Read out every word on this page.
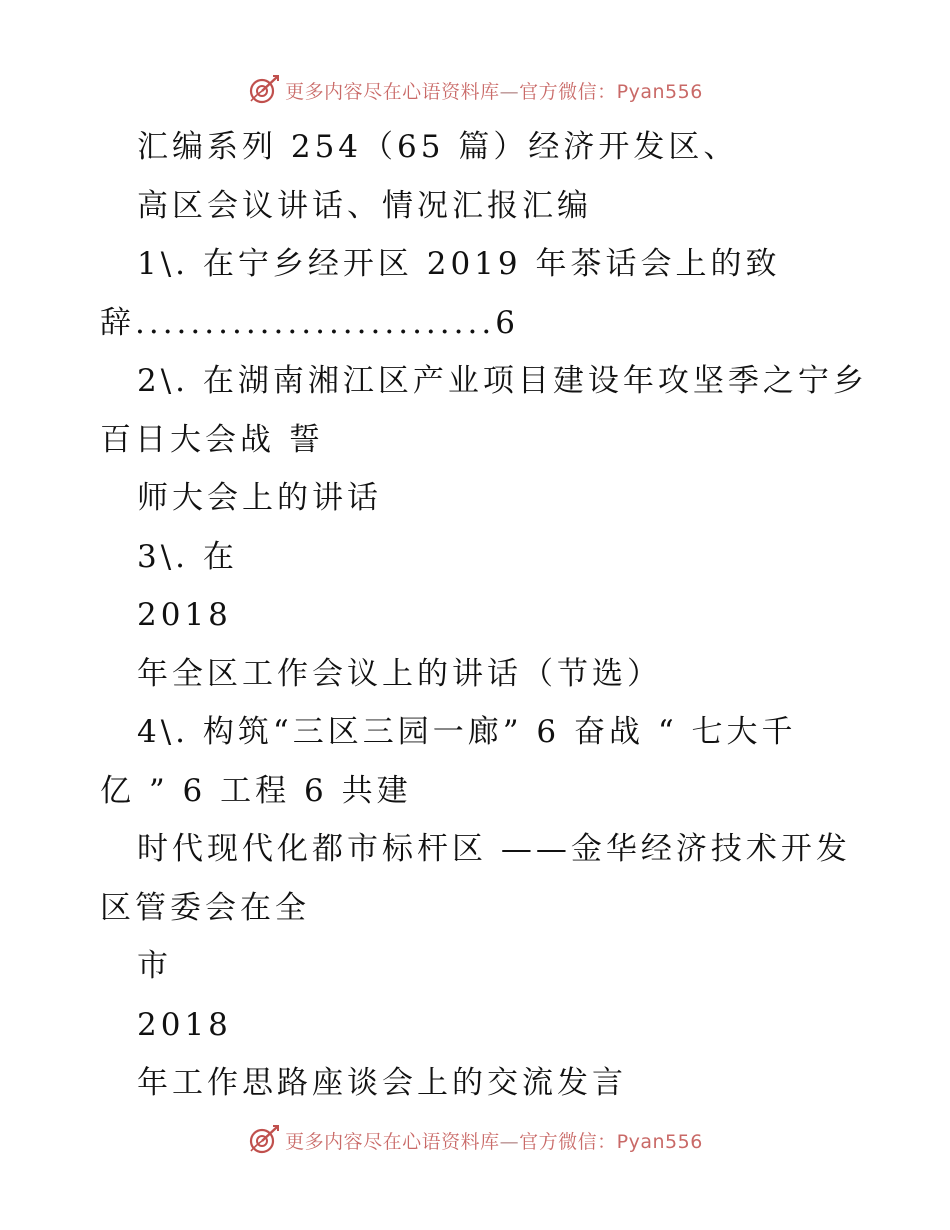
更多内容尽在心语资料库—官方微信：Pyan556
汇编系列 254（65 篇）经济开发区、
高区会议讲话、情况汇报汇编
1\. 在宁乡经开区 2019 年茶话会上的致
辞..........................6
2\. 在湖南湘江区产业项目建设年攻坚季之宁乡
百日大会战 誓
师大会上的讲话
3\. 在
2018
年全区工作会议上的讲话（节选）
4\. 构筑“三区三园一廊” 6 奋战 “ 七大千
亿 ” 6 工程 6 共建
时代现代化都市标杆区 ——金华经济技术开发
区管委会在全
市
2018
年工作思路座谈会上的交流发言
更多内容尽在心语资料库—官方微信：Pyan556
